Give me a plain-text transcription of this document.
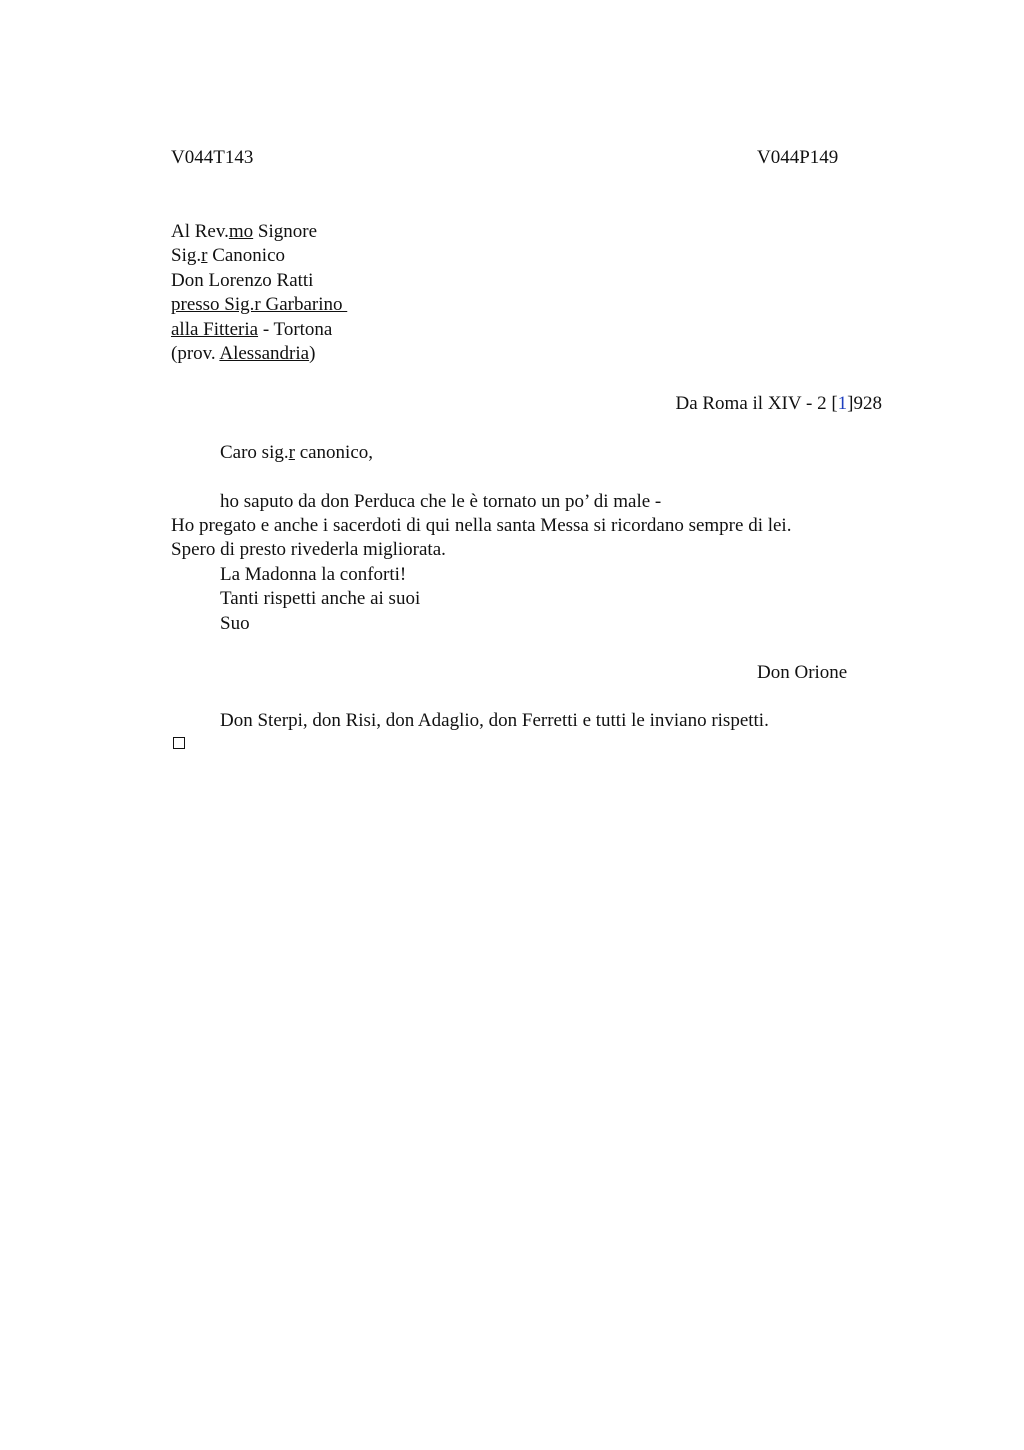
V044T143	V044P149
Al Rev.mo Signore
Sig.r Canonico
Don Lorenzo Ratti
presso Sig.r Garbarino
alla Fitteria - Tortona
(prov. Alessandria)
Da Roma il XIV - 2 [1]928
Caro sig.r canonico,
ho saputo da don Perduca che le è tornato un po’ di male -
Ho pregato e anche i sacerdoti di qui nella santa Messa si ricordano sempre di lei.
Spero di presto rivederla migliorata.
La Madonna la conforti!
Tanti rispetti anche ai suoi
Suo
Don Orione
Don Sterpi, don Risi, don Adaglio, don Ferretti e tutti le inviano rispetti.
